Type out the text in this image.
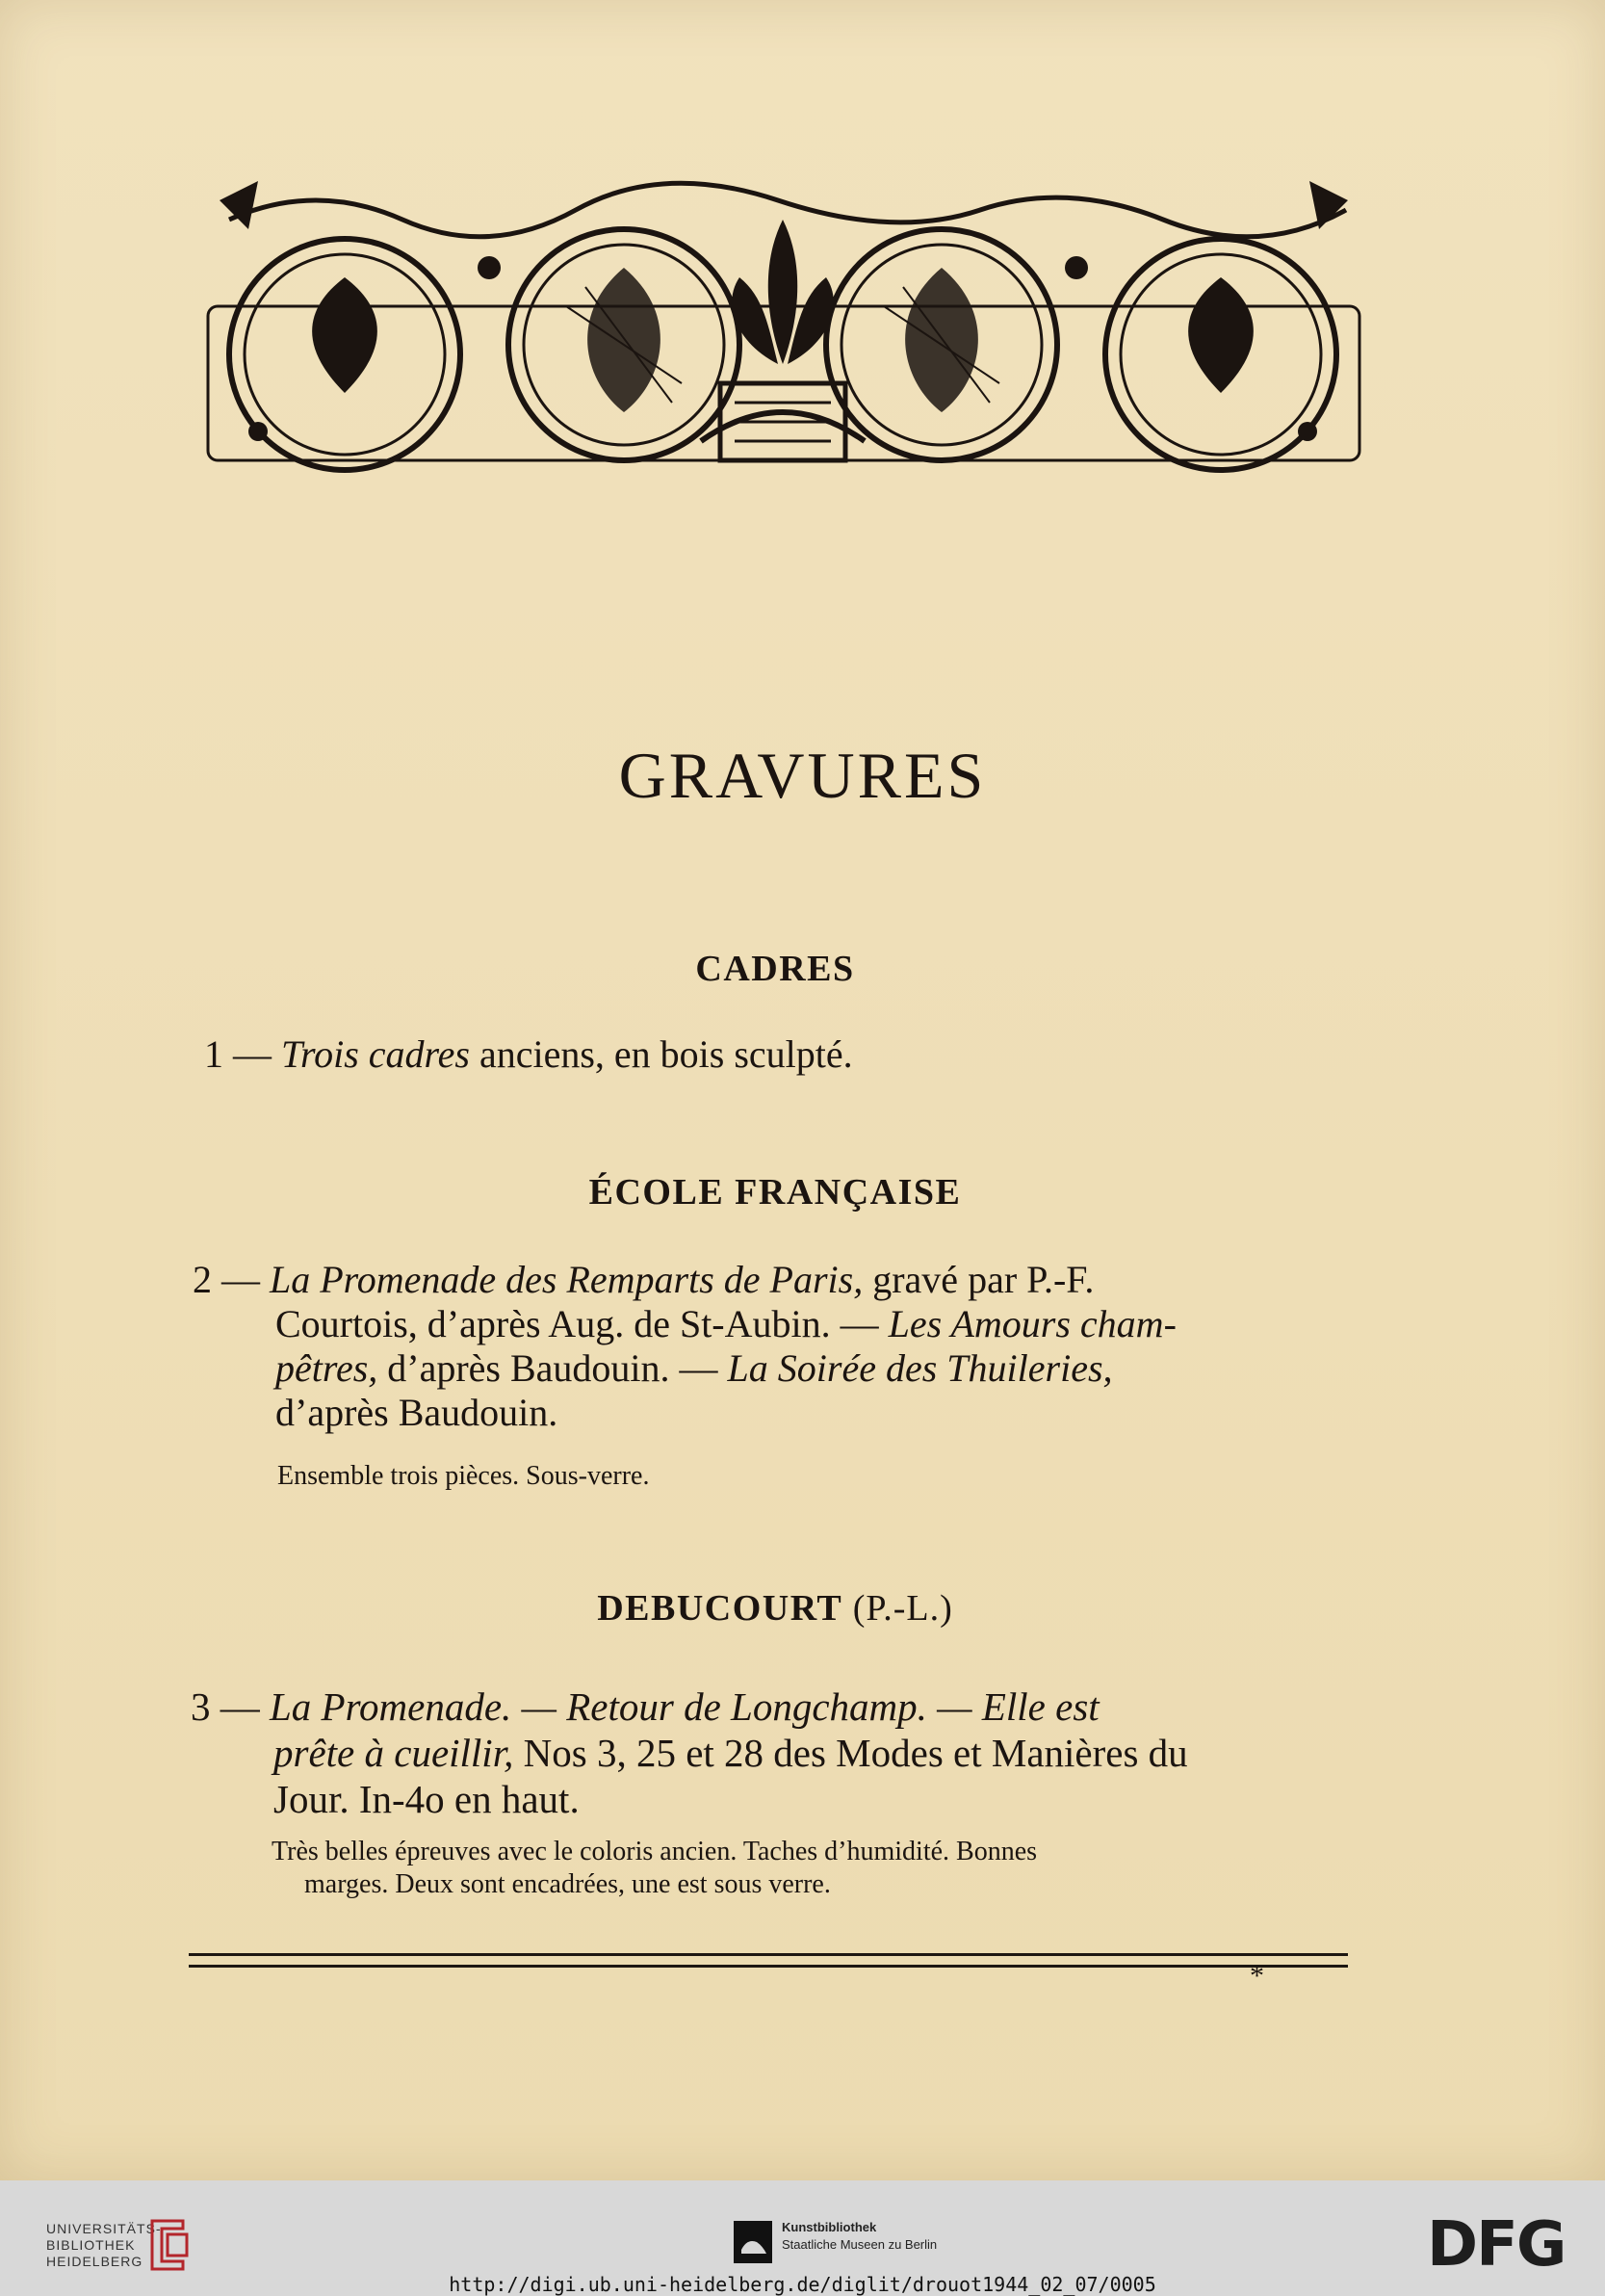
GRAVURES
CADRES
1 — Trois cadres anciens, en bois sculpté.
ÉCOLE FRANÇAISE
2 — La Promenade des Remparts de Paris, gravé par P.-F.
Courtois, d’après Aug. de St-Aubin. — Les Amours cham-
pêtres, d’après Baudouin. — La Soirée des Thuileries,
d’après Baudouin.
Ensemble trois pièces. Sous-verre.
DEBUCOURT (P.-L.)
3 — La Promenade. — Retour de Longchamp. — Elle est
prête à cueillir, Nos 3, 25 et 28 des Modes et Manières du
Jour. In-4o en haut.
Très belles épreuves avec le coloris ancien. Taches d’humidité. Bonnes
marges. Deux sont encadrées, une est sous verre.
*
UNIVERSITÄTS-
BIBLIOTHEK
HEIDELBERG
Kunstbibliothek
Staatliche Museen zu Berlin	DFG
http://digi.ub.uni-heidelberg.de/diglit/drouot1944_02_07/0005
